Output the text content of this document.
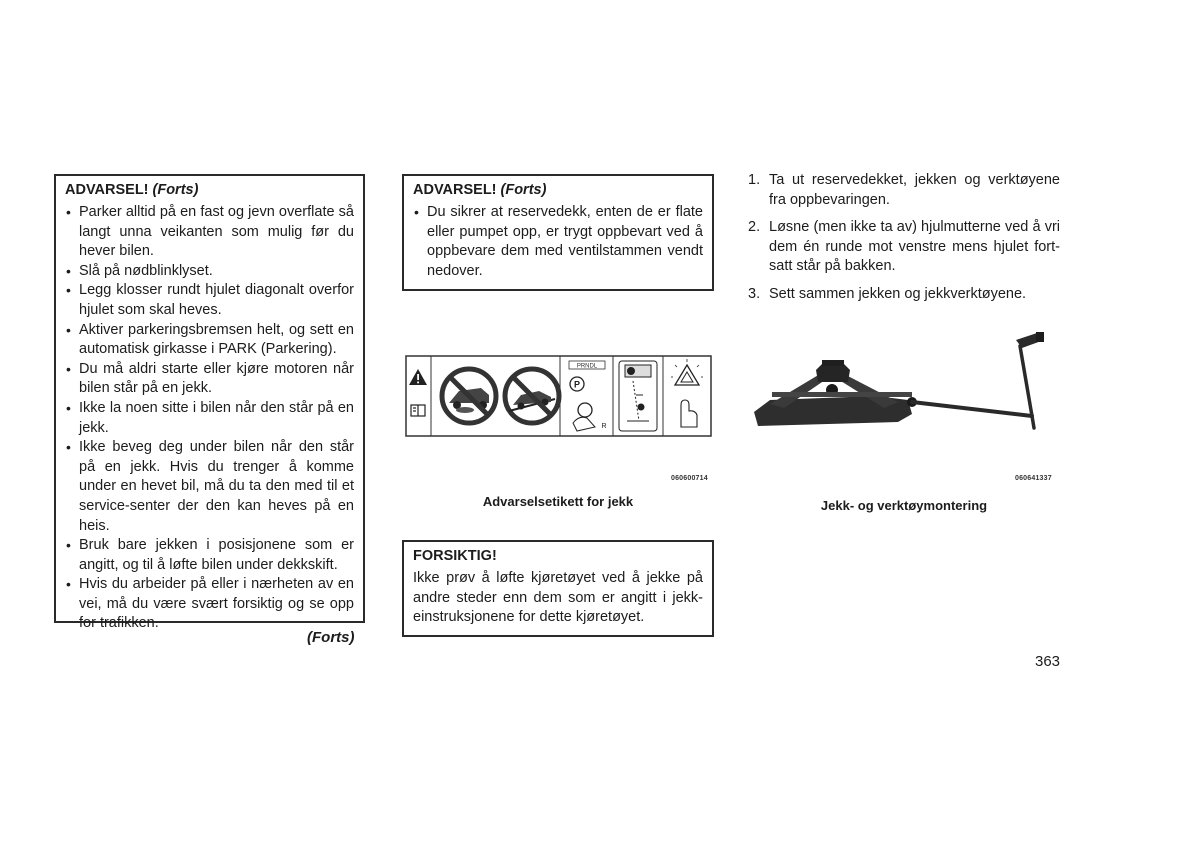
ADVARSEL! (Forts)
• Parker alltid på en fast og jevn overflate så langt unna veikanten som mulig før du hever bilen.
• Slå på nødblinklyset.
• Legg klosser rundt hjulet diagonalt overfor hjulet som skal heves.
• Aktiver parkeringsbremsen helt, og sett en automatisk girkasse i PARK (Parkering).
• Du må aldri starte eller kjøre motoren når bilen står på en jekk.
• Ikke la noen sitte i bilen når den står på en jekk.
• Ikke beveg deg under bilen når den står på en jekk. Hvis du trenger å komme under en hevet bil, må du ta den med til et service-senter der den kan heves på en heis.
• Bruk bare jekken i posisjonene som er angitt, og til å løfte bilen under dekkskift.
• Hvis du arbeider på eller i nærheten av en vei, må du være svært forsiktig og se opp for trafikken.
(Forts)
ADVARSEL! (Forts)
• Du sikrer at reservedekk, enten de er flate eller pumpet opp, er trygt oppbevart ved å oppbevare dem med ventilstammen vendt nedover.
PRNDL
P
R
060600714
Advarselsetikett for jekk
FORSIKTIG!
Ikke prøv å løfte kjøretøyet ved å jekke på andre steder enn dem som er angitt i jekk-einstruksjonene for dette kjøretøyet.
1. Ta ut reservedekket, jekken og verktøyene fra oppbevaringen.
2. Løsne (men ikke ta av) hjulmutterne ved å vri dem én runde mot venstre mens hjulet fort-satt står på bakken.
3. Sett sammen jekken og jekkverktøyene.
060641337
Jekk- og verktøymontering
363
